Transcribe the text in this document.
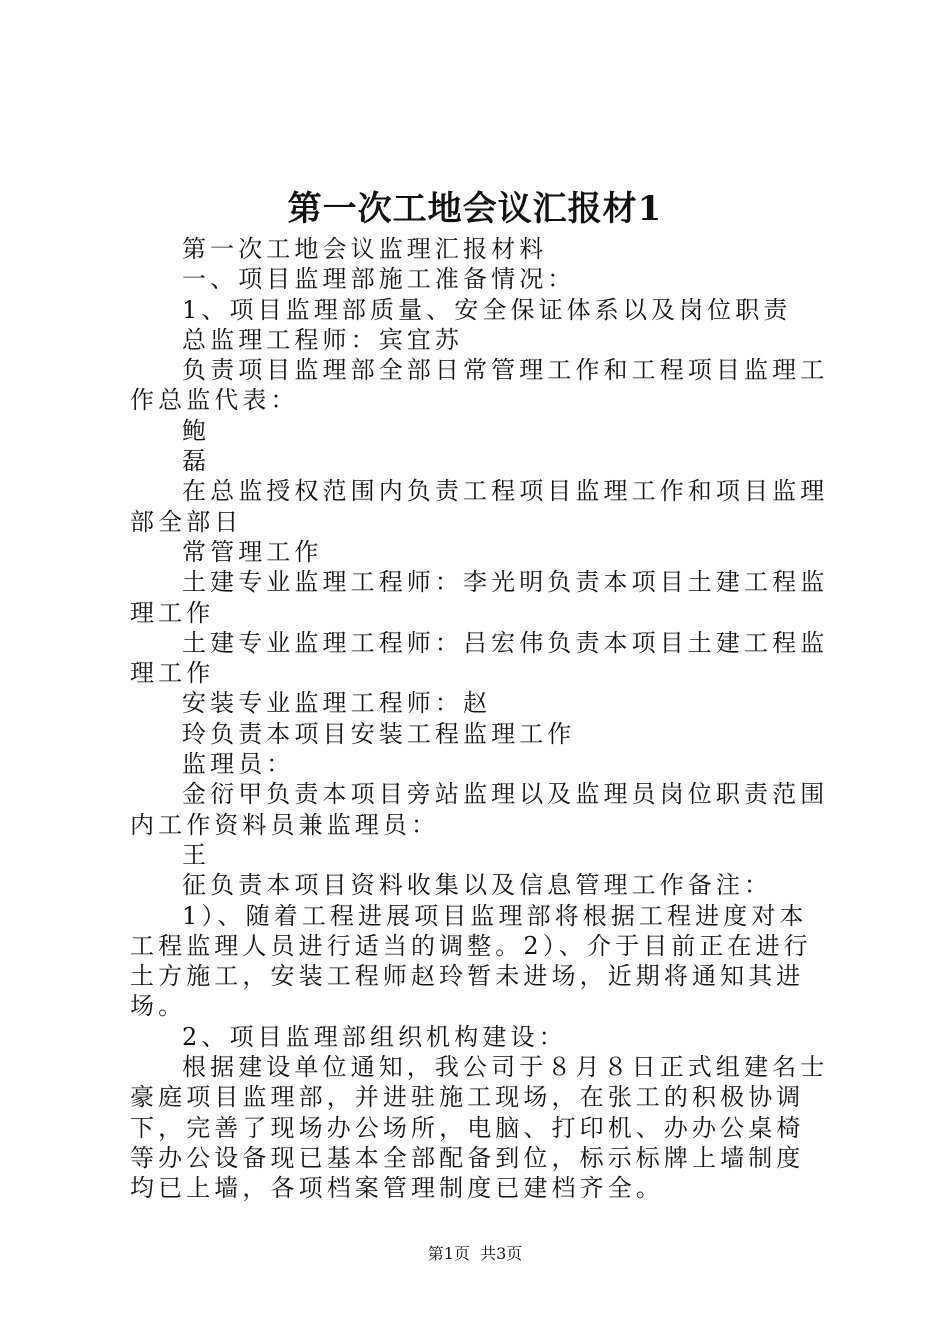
第一次工地会议汇报材1

第一次工地会议监理汇报材料

一、项目监理部施工准备情况：

1、项目监理部质量、安全保证体系以及岗位职责

总监理工程师：宾宜苏

负责项目监理部全部日常管理工作和工程项目监理工作总监代表：

鲍

磊

在总监授权范围内负责工程项目监理工作和项目监理部全部日

常管理工作

土建专业监理工程师：李光明负责本项目土建工程监理工作

土建专业监理工程师：吕宏伟负责本项目土建工程监理工作

安装专业监理工程师：赵

玲负责本项目安装工程监理工作

监理员：

金衍甲负责本项目旁站监理以及监理员岗位职责范围内工作资料员兼监理员：

王

征负责本项目资料收集以及信息管理工作备注：

1）、随着工程进展项目监理部将根据工程进度对本工程监理人员进行适当的调整。2）、介于目前正在进行土方施工，安装工程师赵玲暂未进场，近期将通知其进场。

2、项目监理部组织机构建设：

根据建设单位通知，我公司于８月８日正式组建名士豪庭项目监理部，并进驻施工现场，在张工的积极协调下，完善了现场办公场所，电脑、打印机、办办公桌椅等办公设备现已基本全部配备到位，标示标牌上墙制度均已上墙，各项档案管理制度已建档齐全。

第1页  共3页
